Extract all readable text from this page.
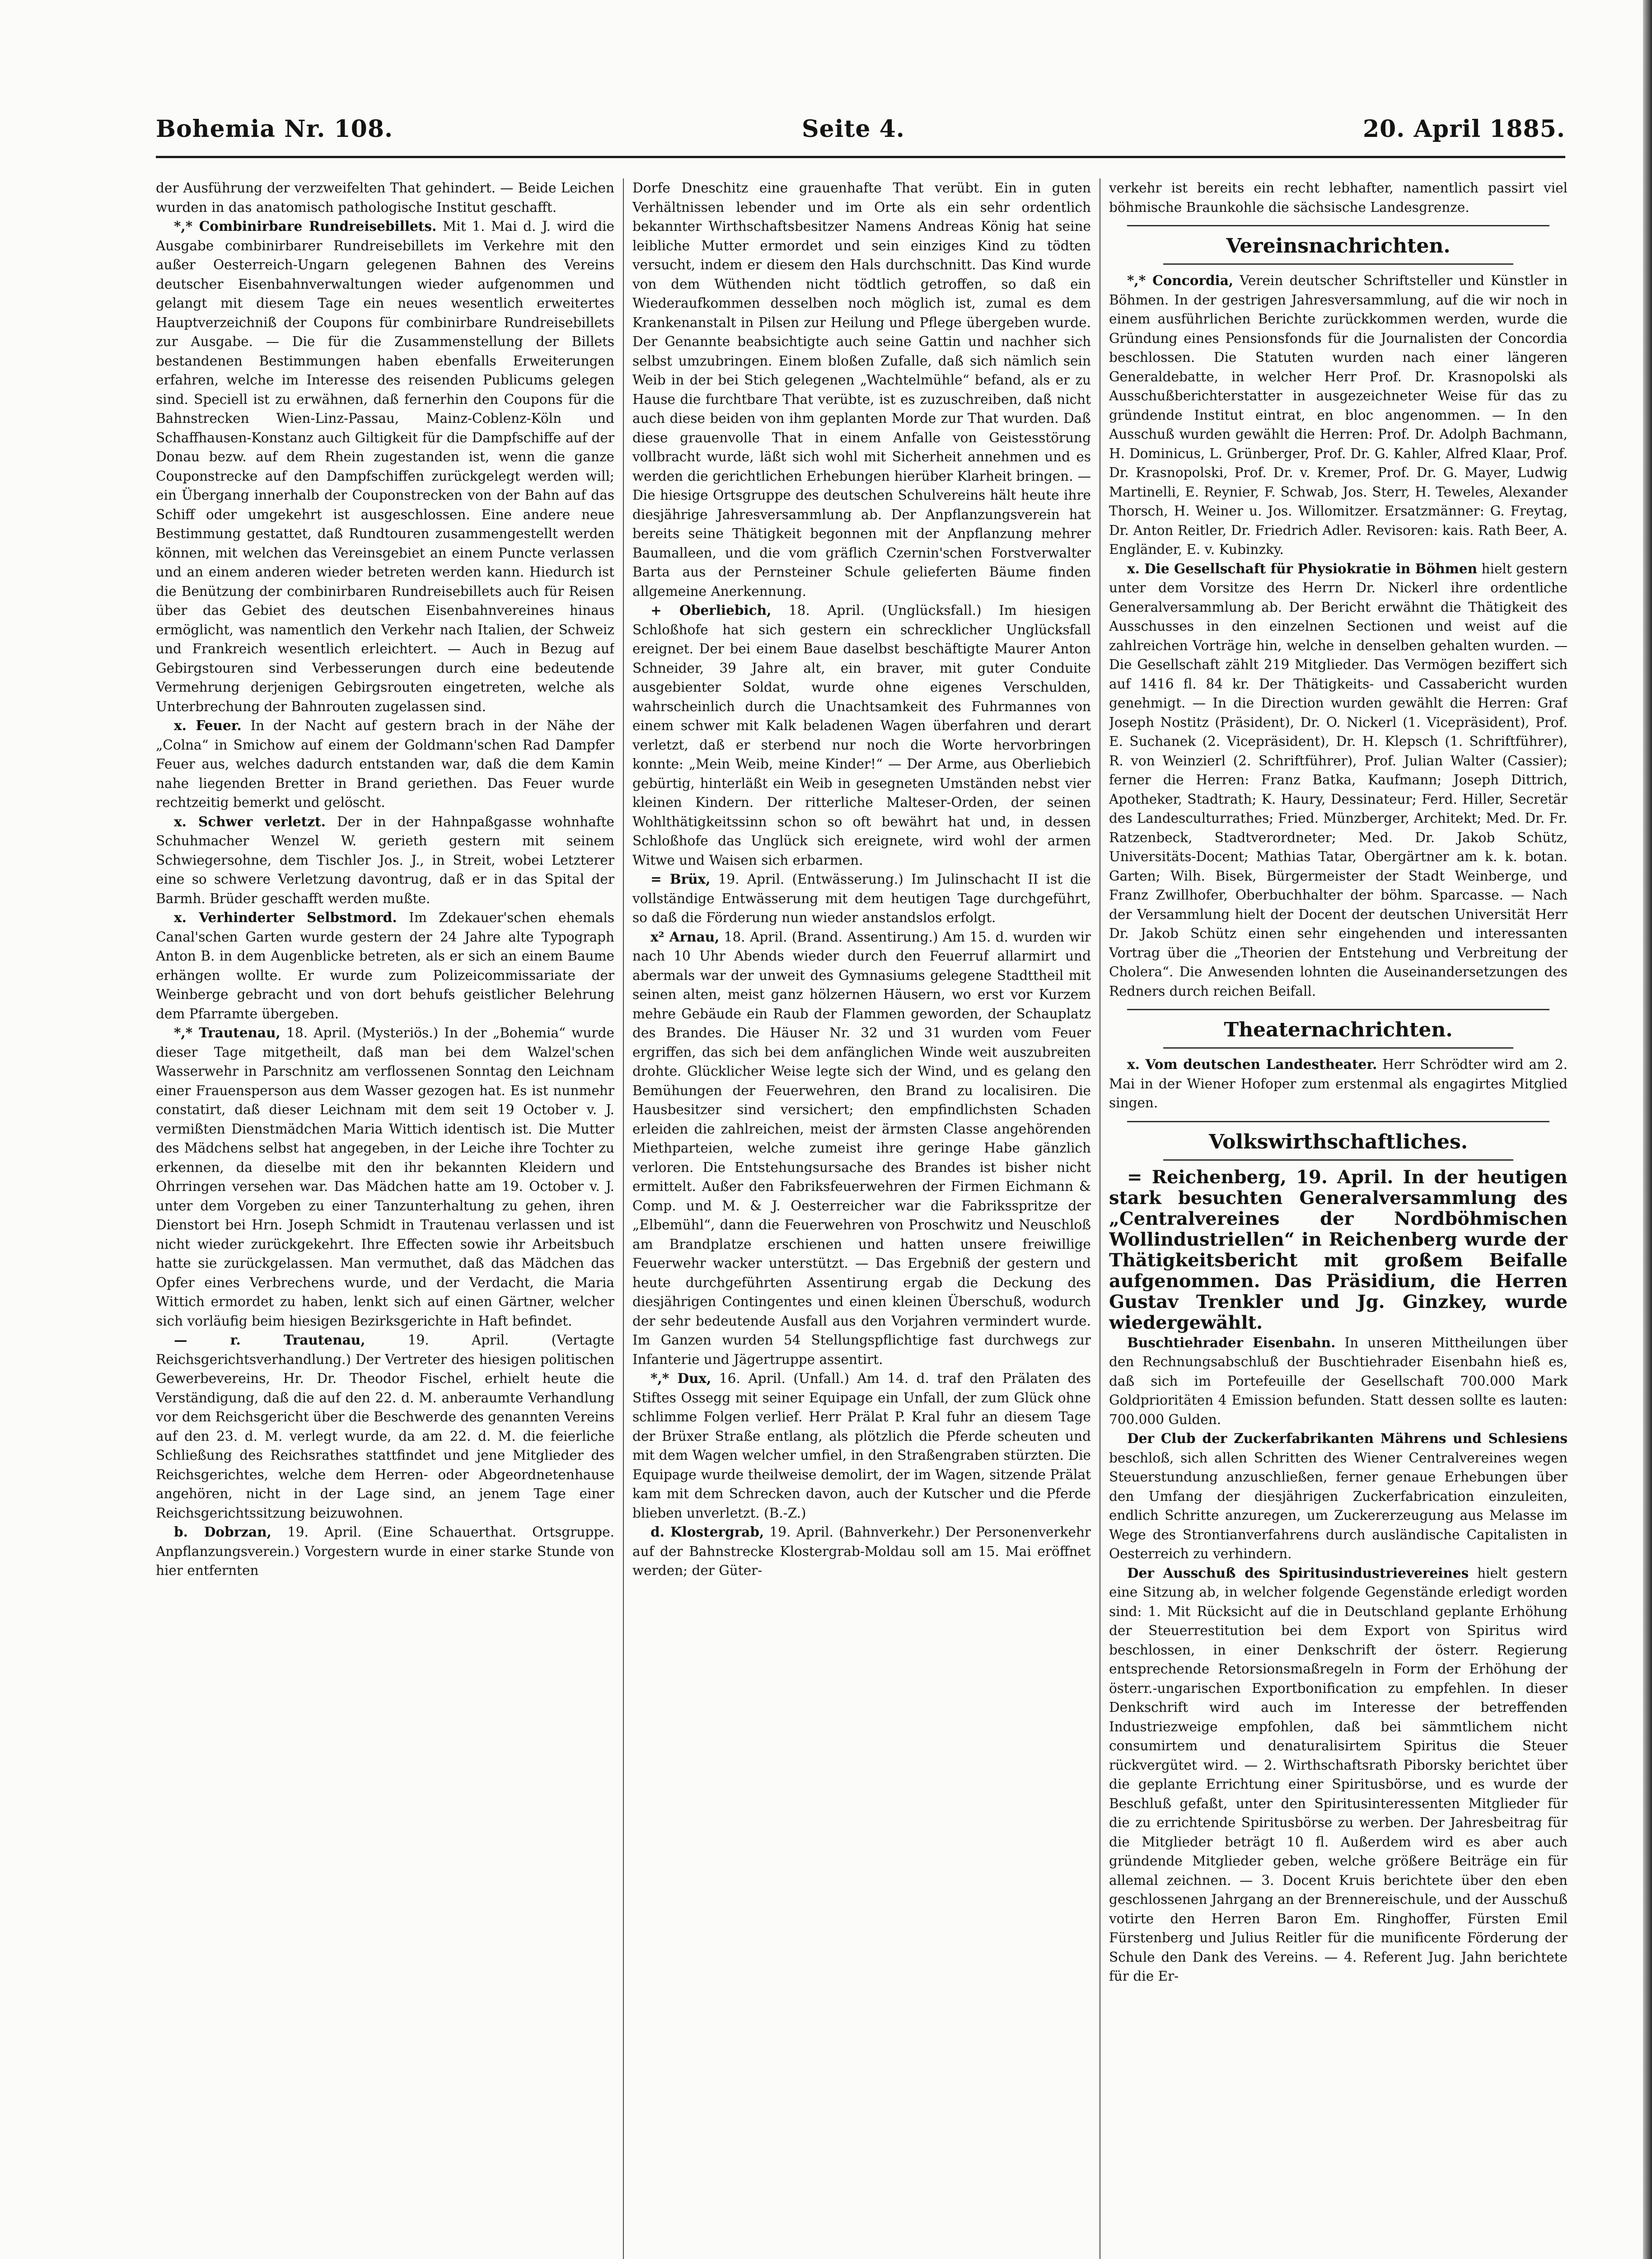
Bohemia Nr. 108.	Seite 4.	20. April 1885.

der Ausführung der verzweifelten That gehindert. — Beide Leichen wurden in das anatomisch pathologische Institut geschafft.

*,* Combinirbare Rundreisebillets. Mit 1. Mai d. J. wird die Ausgabe combinirbarer Rundreisebillets im Verkehre mit den außer Oesterreich-Ungarn gelegenen Bahnen des Vereins deutscher Eisenbahnverwaltungen wieder aufgenommen und gelangt mit diesem Tage ein neues wesentlich erweitertes Hauptverzeichniß der Coupons für combinirbare Rundreisebillets zur Ausgabe. — Die für die Zusammenstellung der Billets bestandenen Bestimmungen haben ebenfalls Erweiterungen erfahren, welche im Interesse des reisenden Publicums gelegen sind. Speciell ist zu erwähnen, daß fernerhin den Coupons für die Bahnstrecken Wien-Linz-Passau, Mainz-Coblenz-Köln und Schaffhausen-Konstanz auch Giltigkeit für die Dampfschiffe auf der Donau bezw. auf dem Rhein zugestanden ist, wenn die ganze Couponstrecke auf den Dampfschiffen zurückgelegt werden will; ein Übergang innerhalb der Couponstrecken von der Bahn auf das Schiff oder umgekehrt ist ausgeschlossen. Eine andere neue Bestimmung gestattet, daß Rundtouren zusammengestellt werden können, mit welchen das Vereinsgebiet an einem Puncte verlassen und an einem anderen wieder betreten werden kann. Hiedurch ist die Benützung der combinirbaren Rundreisebillets auch für Reisen über das Gebiet des deutschen Eisenbahnvereines hinaus ermöglicht, was namentlich den Verkehr nach Italien, der Schweiz und Frankreich wesentlich erleichtert. — Auch in Bezug auf Gebirgstouren sind Verbesserungen durch eine bedeutende Vermehrung derjenigen Gebirgsrouten eingetreten, welche als Unterbrechung der Bahnrouten zugelassen sind.

x. Feuer. In der Nacht auf gestern brach in der Nähe der „Colna“ in Smichow auf einem der Goldmann'schen Rad Dampfer Feuer aus, welches dadurch entstanden war, daß die dem Kamin nahe liegenden Bretter in Brand geriethen. Das Feuer wurde rechtzeitig bemerkt und gelöscht.

x. Schwer verletzt. Der in der Hahnpaßgasse wohnhafte Schuhmacher Wenzel W. gerieth gestern mit seinem Schwiegersohne, dem Tischler Jos. J., in Streit, wobei Letzterer eine so schwere Verletzung davontrug, daß er in das Spital der Barmh. Brüder geschafft werden mußte.

x. Verhinderter Selbstmord. Im Zdekauer'schen ehemals Canal'schen Garten wurde gestern der 24 Jahre alte Typograph Anton B. in dem Augenblicke betreten, als er sich an einem Baume erhängen wollte. Er wurde zum Polizeicommissariate der Weinberge gebracht und von dort behufs geistlicher Belehrung dem Pfarramte übergeben.

*,* Trautenau, 18. April. (Mysteriös.) In der „Bohemia“ wurde dieser Tage mitgetheilt, daß man bei dem Walzel'schen Wasserwehr in Parschnitz am verflossenen Sonntag den Leichnam einer Frauensperson aus dem Wasser gezogen hat. Es ist nunmehr constatirt, daß dieser Leichnam mit dem seit 19 October v. J. vermißten Dienstmädchen Maria Wittich identisch ist. Die Mutter des Mädchens selbst hat angegeben, in der Leiche ihre Tochter zu erkennen, da dieselbe mit den ihr bekannten Kleidern und Ohrringen versehen war. Das Mädchen hatte am 19. October v. J. unter dem Vorgeben zu einer Tanzunterhaltung zu gehen, ihren Dienstort bei Hrn. Joseph Schmidt in Trautenau verlassen und ist nicht wieder zurückgekehrt. Ihre Effecten sowie ihr Arbeitsbuch hatte sie zurückgelassen. Man vermuthet, daß das Mädchen das Opfer eines Verbrechens wurde, und der Verdacht, die Maria Wittich ermordet zu haben, lenkt sich auf einen Gärtner, welcher sich vorläufig beim hiesigen Bezirksgerichte in Haft befindet.

— r. Trautenau,	19. April. (Vertagte Reichsgerichtsverhandlung.) Der Vertreter des hiesigen politischen Gewerbevereins, Hr. Dr. Theodor Fischel, erhielt heute die Verständigung, daß die auf den 22. d. M. anberaumte Verhandlung vor dem Reichsgericht über die Beschwerde des genannten Vereins auf den 23. d. M. verlegt wurde, da am 22. d. M. die feierliche Schließung des Reichsrathes stattfindet und jene Mitglieder des Reichsgerichtes, welche dem Herren- oder Abgeordnetenhause angehören, nicht in der Lage sind, an jenem Tage einer Reichsgerichtssitzung beizuwohnen.

b. Dobrzan, 19. April. (Eine Schauerthat. Ortsgruppe. Anpflanzungsverein.) Vorgestern wurde in einer starke Stunde von hier entfernten

Dorfe Dneschitz eine grauenhafte That verübt. Ein in guten Verhältnissen lebender und im Orte als ein sehr ordentlich bekannter Wirthschaftsbesitzer Namens Andreas König hat seine leibliche Mutter ermordet und sein einziges Kind zu tödten versucht, indem er diesem den Hals durchschnitt. Das Kind wurde von dem Wüthenden nicht tödtlich getroffen, so daß ein Wiederaufkommen desselben noch möglich ist, zumal es dem Krankenanstalt in Pilsen zur Heilung und Pflege übergeben wurde. Der Genannte beabsichtigte auch seine Gattin und nachher sich selbst umzubringen. Einem bloßen Zufalle, daß sich nämlich sein Weib in der bei Stich gelegenen „Wachtelmühle“ befand, als er zu Hause die furchtbare That verübte, ist es zuzuschreiben, daß nicht auch diese beiden von ihm geplanten Morde zur That wurden. Daß diese grauenvolle That in einem Anfalle von Geistesstörung vollbracht wurde, läßt sich wohl mit Sicherheit annehmen und es werden die gerichtlichen Erhebungen hierüber Klarheit bringen. — Die hiesige Ortsgruppe des deutschen Schulvereins hält heute ihre diesjährige Jahresversammlung ab. Der Anpflanzungsverein hat bereits seine Thätigkeit begonnen mit der Anpflanzung mehrer Baumalleen, und die vom gräflich Czernin'schen Forstverwalter Barta aus der Pernsteiner Schule gelieferten Bäume finden allgemeine Anerkennung.

+ Oberliebich, 18. April. (Unglücksfall.) Im hiesigen Schloßhofe hat sich gestern ein schrecklicher Unglücksfall ereignet. Der bei einem Baue daselbst beschäftigte Maurer Anton Schneider, 39 Jahre alt, ein braver, mit guter Conduite ausgebienter Soldat, wurde ohne eigenes Verschulden, wahrscheinlich durch die Unachtsamkeit des Fuhrmannes von einem schwer mit Kalk beladenen Wagen überfahren und derart verletzt, daß er sterbend nur noch die Worte hervorbringen konnte: „Mein Weib, meine Kinder!“ — Der Arme, aus Oberliebich gebürtig, hinterläßt ein Weib in gesegneten Umständen nebst vier kleinen Kindern. Der ritterliche Malteser-Orden, der seinen Wohlthätigkeitssinn schon so oft bewährt hat und, in dessen Schloßhofe das Unglück sich ereignete, wird wohl der armen Witwe und Waisen sich erbarmen.

= Brüx, 19. April. (Entwässerung.) Im Julinschacht II ist die vollständige Entwässerung mit dem heutigen Tage durchgeführt, so daß die Förderung nun wieder anstandslos erfolgt.

x² Arnau, 18. April. (Brand. Assentirung.) Am 15. d. wurden wir nach 10 Uhr Abends wieder durch den Feuerruf allarmirt und abermals war der unweit des Gymnasiums gelegene Stadttheil mit seinen alten, meist ganz hölzernen Häusern, wo erst vor Kurzem mehre Gebäude ein Raub der Flammen geworden, der Schauplatz des Brandes. Die Häuser Nr. 32 und 31 wurden vom Feuer ergriffen, das sich bei dem anfänglichen Winde weit auszubreiten drohte. Glücklicher Weise legte sich der Wind, und es gelang den Bemühungen der Feuerwehren, den Brand zu localisiren. Die Hausbesitzer sind versichert; den empfindlichsten Schaden erleiden die zahlreichen, meist der ärmsten Classe angehörenden Miethparteien, welche zumeist ihre geringe Habe gänzlich verloren. Die Entstehungsursache des Brandes ist bisher nicht ermittelt. Außer den Fabriksfeuerwehren der Firmen Eichmann & Comp. und M. & J. Oesterreicher war die Fabriksspritze der „Elbemühl“, dann die Feuerwehren von Proschwitz und Neuschloß am Brandplatze erschienen und hatten unsere freiwillige Feuerwehr wacker unterstützt. — Das Ergebniß der gestern und heute durchgeführten Assentirung ergab die Deckung des diesjährigen Contingentes und einen kleinen Überschuß, wodurch der sehr bedeutende Ausfall aus den Vorjahren vermindert wurde. Im Ganzen wurden 54 Stellungspflichtige fast durchwegs zur Infanterie und Jägertruppe assentirt.

*,* Dux, 16. April. (Unfall.) Am 14. d. traf den Prälaten des Stiftes Ossegg mit seiner Equipage ein Unfall, der zum Glück ohne schlimme Folgen verlief. Herr Prälat P. Kral fuhr an diesem Tage der Brüxer Straße entlang, als plötzlich die Pferde scheuten und mit dem Wagen welcher umfiel, in den Straßengraben stürzten. Die Equipage wurde theilweise demolirt, der im Wagen, sitzende Prälat kam mit dem Schrecken davon, auch der Kutscher und die Pferde blieben unverletzt. (B.-Z.)

d. Klostergrab, 19. April. (Bahnverkehr.) Der Personenverkehr auf der Bahnstrecke Klostergrab-Moldau soll am 15. Mai eröffnet werden; der Güter-

verkehr ist bereits ein recht lebhafter, namentlich passirt viel böhmische Braunkohle die sächsische Landesgrenze.

Vereinsnachrichten.

*,* Concordia, Verein deutscher Schriftsteller und Künstler in Böhmen. In der gestrigen Jahresversammlung, auf die wir noch in einem ausführlichen Berichte zurückkommen werden, wurde die Gründung eines Pensionsfonds für die Journalisten der Concordia beschlossen. Die Statuten wurden nach einer längeren Generaldebatte, in welcher Herr Prof. Dr. Krasnopolski als Ausschußberichterstatter in ausgezeichneter Weise für das zu gründende Institut eintrat, en bloc angenommen. — In den Ausschuß wurden gewählt die Herren: Prof. Dr. Adolph Bachmann, H. Dominicus, L. Grünberger, Prof. Dr. G. Kahler, Alfred Klaar, Prof. Dr. Krasnopolski, Prof. Dr. v. Kremer, Prof. Dr. G. Mayer, Ludwig Martinelli, E. Reynier, F. Schwab, Jos. Sterr, H. Teweles, Alexander Thorsch, H. Weiner u. Jos. Willomitzer. Ersatzmänner: G. Freytag, Dr. Anton Reitler, Dr. Friedrich Adler. Revisoren: kais. Rath Beer, A. Engländer, E. v. Kubinzky.

x. Die Gesellschaft für Physiokratie in Böhmen hielt gestern unter dem Vorsitze des Herrn Dr. Nickerl ihre ordentliche Generalversammlung ab. Der Bericht erwähnt die Thätigkeit des Ausschusses in den einzelnen Sectionen und weist auf die zahlreichen Vorträge hin, welche in denselben gehalten wurden. — Die Gesellschaft zählt 219 Mitglieder. Das Vermögen beziffert sich auf 1416 fl. 84 kr. Der Thätigkeits- und Cassabericht wurden genehmigt. — In die Direction wurden gewählt die Herren: Graf Joseph Nostitz (Präsident), Dr. O. Nickerl (1. Vicepräsident), Prof. E. Suchanek (2. Vicepräsident), Dr. H. Klepsch (1. Schriftführer), R. von Weinzierl (2. Schriftführer), Prof. Julian Walter (Cassier); ferner die Herren: Franz Batka, Kaufmann; Joseph Dittrich, Apotheker, Stadtrath; K. Haury, Dessinateur; Ferd. Hiller, Secretär des Landesculturrathes; Fried. Münzberger, Architekt; Med. Dr. Fr. Ratzenbeck, Stadtverordneter; Med. Dr. Jakob Schütz, Universitäts-Docent; Mathias Tatar, Obergärtner am k. k. botan. Garten; Wilh. Bisek, Bürgermeister der Stadt Weinberge, und Franz Zwillhofer, Oberbuchhalter der böhm. Sparcasse. — Nach der Versammlung hielt der Docent der deutschen Universität Herr Dr. Jakob Schütz einen sehr eingehenden und interessanten Vortrag über die „Theorien der Entstehung und Verbreitung der Cholera“. Die Anwesenden lohnten die Auseinandersetzungen des Redners durch reichen Beifall.

Theaternachrichten.

x. Vom deutschen Landestheater. Herr Schrödter wird am 2. Mai in der Wiener Hofoper zum erstenmal als engagirtes Mitglied singen.

Volkswirthschaftliches.

= Reichenberg, 19. April. In der heutigen stark besuchten Generalversammlung des „Centralvereines der Nordböhmischen Wollindustriellen“ in Reichenberg wurde der Thätigkeitsbericht mit großem Beifalle aufgenommen. Das Präsidium, die Herren Gustav Trenkler und Jg. Ginzkey, wurde wiedergewählt.

Buschtiehrader Eisenbahn. In unseren Mittheilungen über den Rechnungsabschluß der Buschtiehrader Eisenbahn hieß es, daß sich im Portefeuille der Gesellschaft 700.000 Mark Goldprioritäten 4 Emission befunden. Statt dessen sollte es lauten: 700.000 Gulden.

Der Club der Zuckerfabrikanten Mährens und Schlesiens beschloß, sich allen Schritten des Wiener Centralvereines wegen Steuerstundung anzuschließen, ferner genaue Erhebungen über den Umfang der diesjährigen Zuckerfabrication einzuleiten, endlich Schritte anzuregen, um Zuckererzeugung aus Melasse im Wege des Strontianverfahrens durch ausländische Capitalisten in Oesterreich zu verhindern.

Der Ausschuß des Spiritusindustrievereines hielt gestern eine Sitzung ab, in welcher folgende Gegenstände erledigt worden sind: 1. Mit Rücksicht auf die in Deutschland geplante Erhöhung der Steuerrestitution bei dem Export von Spiritus wird beschlossen, in einer Denkschrift der österr. Regierung entsprechende Retorsionsmaßregeln in Form der Erhöhung der österr.-ungarischen Exportbonification zu empfehlen. In dieser Denkschrift wird auch im Interesse der betreffenden Industriezweige empfohlen, daß bei sämmtlichem nicht consumirtem und denaturalisirtem Spiritus die Steuer rückvergütet wird. — 2. Wirthschaftsrath Piborsky berichtet über die geplante Errichtung einer Spiritusbörse, und es wurde der Beschluß gefaßt, unter den Spiritusinteressenten Mitglieder für die zu errichtende Spiritusbörse zu werben. Der Jahresbeitrag für die Mitglieder beträgt 10 fl. Außerdem wird es aber auch gründende Mitglieder geben, welche größere Beiträge ein für allemal zeichnen. — 3. Docent Kruis berichtete über den eben geschlossenen Jahrgang an der Brennereischule, und der Ausschuß votirte den Herren Baron Em. Ringhoffer, Fürsten Emil Fürstenberg und Julius Reitler für die munificente Förderung der Schule den Dank des Vereins. — 4. Referent Jug. Jahn berichtete für die Er-
